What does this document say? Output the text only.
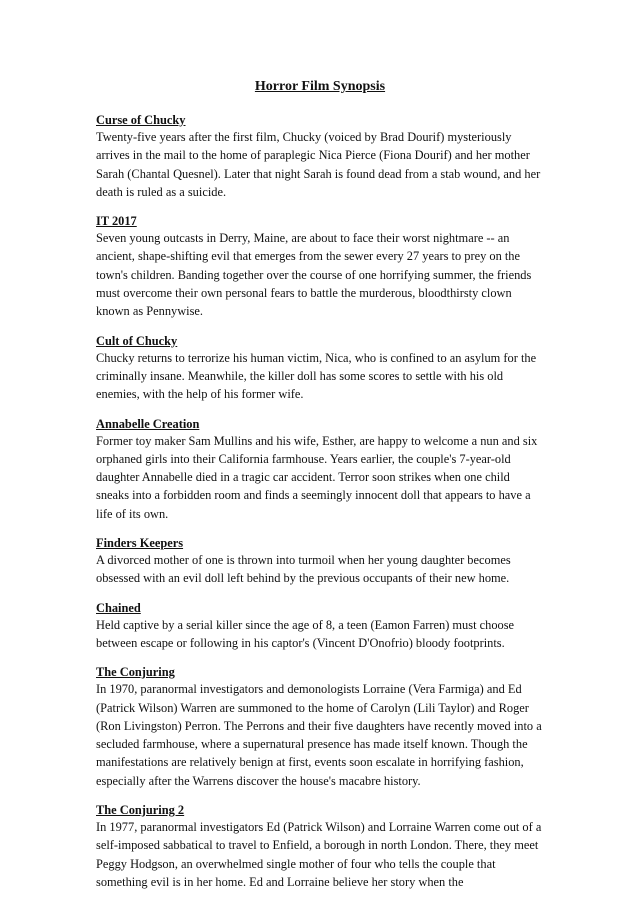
Horror Film Synopsis

Curse of Chucky

Twenty-five years after the first film, Chucky (voiced by Brad Dourif) mysteriously arrives in the mail to the home of paraplegic Nica Pierce (Fiona Dourif) and her mother Sarah (Chantal Quesnel). Later that night Sarah is found dead from a stab wound, and her death is ruled as a suicide.

IT 2017

Seven young outcasts in Derry, Maine, are about to face their worst nightmare -- an ancient, shape-shifting evil that emerges from the sewer every 27 years to prey on the town's children. Banding together over the course of one horrifying summer, the friends must overcome their own personal fears to battle the murderous, bloodthirsty clown known as Pennywise.

Cult of Chucky

Chucky returns to terrorize his human victim, Nica, who is confined to an asylum for the criminally insane. Meanwhile, the killer doll has some scores to settle with his old enemies, with the help of his former wife.

Annabelle Creation

Former toy maker Sam Mullins and his wife, Esther, are happy to welcome a nun and six orphaned girls into their California farmhouse. Years earlier, the couple's 7-year-old daughter Annabelle died in a tragic car accident. Terror soon strikes when one child sneaks into a forbidden room and finds a seemingly innocent doll that appears to have a life of its own.

Finders Keepers

A divorced mother of one is thrown into turmoil when her young daughter becomes obsessed with an evil doll left behind by the previous occupants of their new home.

Chained

Held captive by a serial killer since the age of 8, a teen (Eamon Farren) must choose between escape or following in his captor's (Vincent D'Onofrio) bloody footprints.

The Conjuring

In 1970, paranormal investigators and demonologists Lorraine (Vera Farmiga) and Ed (Patrick Wilson) Warren are summoned to the home of Carolyn (Lili Taylor) and Roger (Ron Livingston) Perron. The Perrons and their five daughters have recently moved into a secluded farmhouse, where a supernatural presence has made itself known. Though the manifestations are relatively benign at first, events soon escalate in horrifying fashion, especially after the Warrens discover the house's macabre history.

The Conjuring 2

In 1977, paranormal investigators Ed (Patrick Wilson) and Lorraine Warren come out of a self-imposed sabbatical to travel to Enfield, a borough in north London. There, they meet Peggy Hodgson, an overwhelmed single mother of four who tells the couple that something evil is in her home. Ed and Lorraine believe her story when the
